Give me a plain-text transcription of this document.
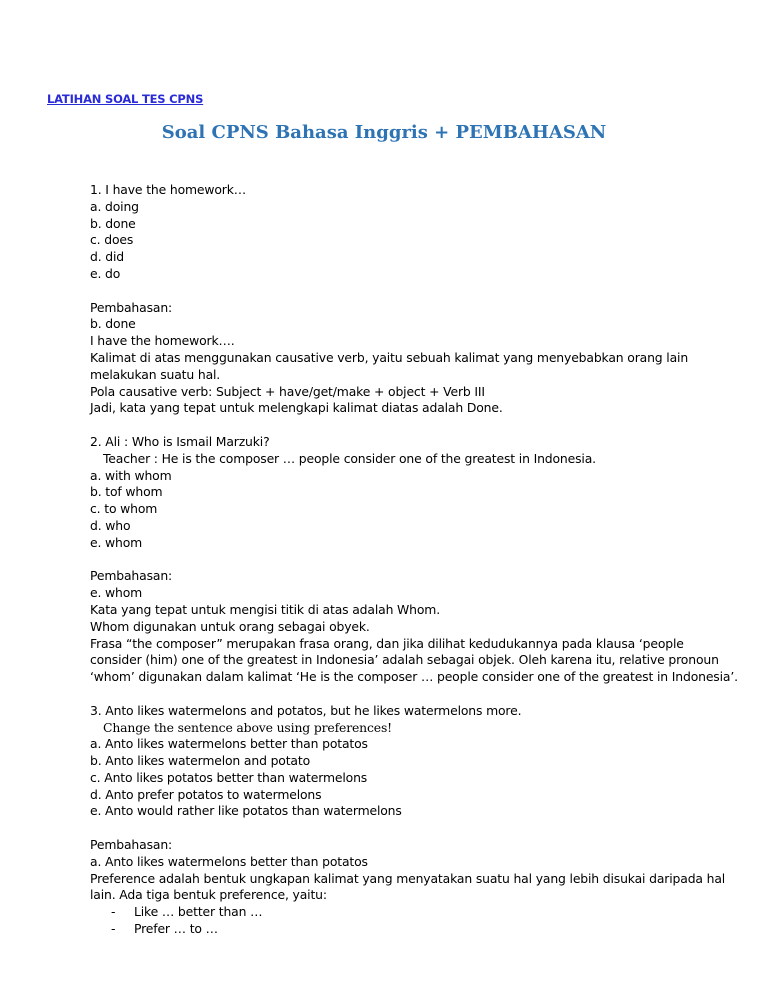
LATIHAN SOAL TES CPNS
Soal CPNS Bahasa Inggris + PEMBAHASAN
1. I have the homework…
a. doing
b. done
c. does
d. did
e. do
Pembahasan:
b. done
I have the homework….
Kalimat di atas menggunakan causative verb, yaitu sebuah kalimat yang menyebabkan orang lain melakukan suatu hal.
Pola causative verb: Subject + have/get/make + object + Verb III
Jadi, kata yang tepat untuk melengkapi kalimat diatas adalah Done.
2. Ali : Who is Ismail Marzuki?
Teacher : He is the composer … people consider one of the greatest in Indonesia.
a. with whom
b. tof whom
c. to whom
d. who
e. whom
Pembahasan:
e. whom
Kata yang tepat untuk mengisi titik di atas adalah Whom.
Whom digunakan untuk orang sebagai obyek.
Frasa “the composer” merupakan frasa orang, dan jika dilihat kedudukannya pada klausa ‘people consider (him) one of the greatest in Indonesia’ adalah sebagai objek. Oleh karena itu, relative pronoun ‘whom’ digunakan dalam kalimat ‘He is the composer … people consider one of the greatest in Indonesia’.
3. Anto likes watermelons and potatos, but he likes watermelons more.
Change the sentence above using preferences!
a. Anto likes watermelons better than potatos
b. Anto likes watermelon and potato
c. Anto likes potatos better than watermelons
d. Anto prefer potatos to watermelons
e. Anto would rather like potatos than watermelons
Pembahasan:
a. Anto likes watermelons better than potatos
Preference adalah bentuk ungkapan kalimat yang menyatakan suatu hal yang lebih disukai daripada hal lain. Ada tiga bentuk preference, yaitu:
-	Like … better than …
-	Prefer … to …
